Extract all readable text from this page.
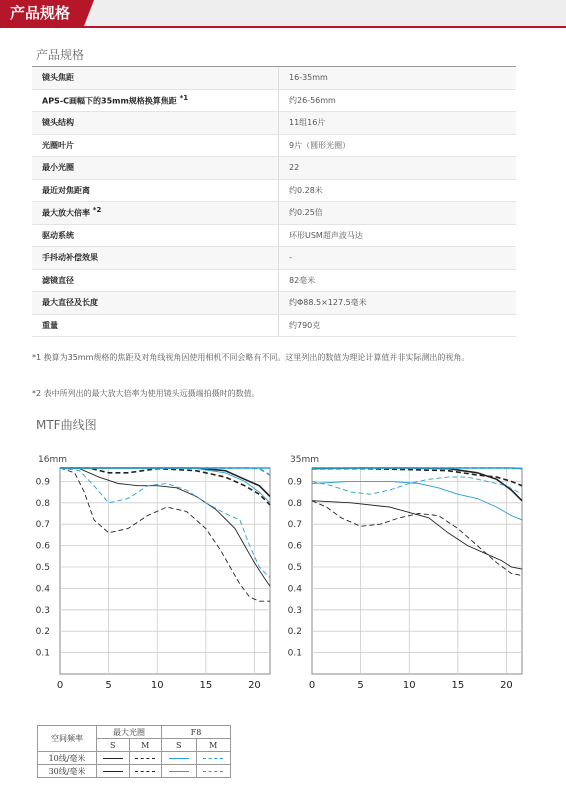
产品规格
产品规格
镜头焦距	16-35mm
APS-C画幅下的35mm规格换算焦距 $^{*1}$	约26-56mm
镜头结构	11组16片
光圈叶片	9片（圆形光圈）
最小光圈	22
最近对焦距离	约0.28米
最大放大倍率 $^{*2}$	约0.25倍
驱动系统	环形USM超声波马达
手抖动补偿效果	-
滤镜直径	82毫米
最大直径及长度	约Φ88.5×127.5毫米
重量	约790克
*1 换算为35mm规格的焦距及对角线视角因使用相机不同会略有不同。这里列出的数值为理论计算值并非实际测出的视角。
*2 表中所列出的最大放大倍率为使用镜头远摄端拍摄时的数值。
MTF曲线图
16mm
0.1
0.2
0.3
0.4
0.5
0.6
0.7
0.8
0.9
0	5	10	15	20
35mm
0.1
0.2
0.3
0.4
0.5
0.6
0.7
0.8
0.9
0	5	10	15	20
空间频率	最大光圈		F8	
	S	M	S	M
10线/毫米				
30线/毫米				
